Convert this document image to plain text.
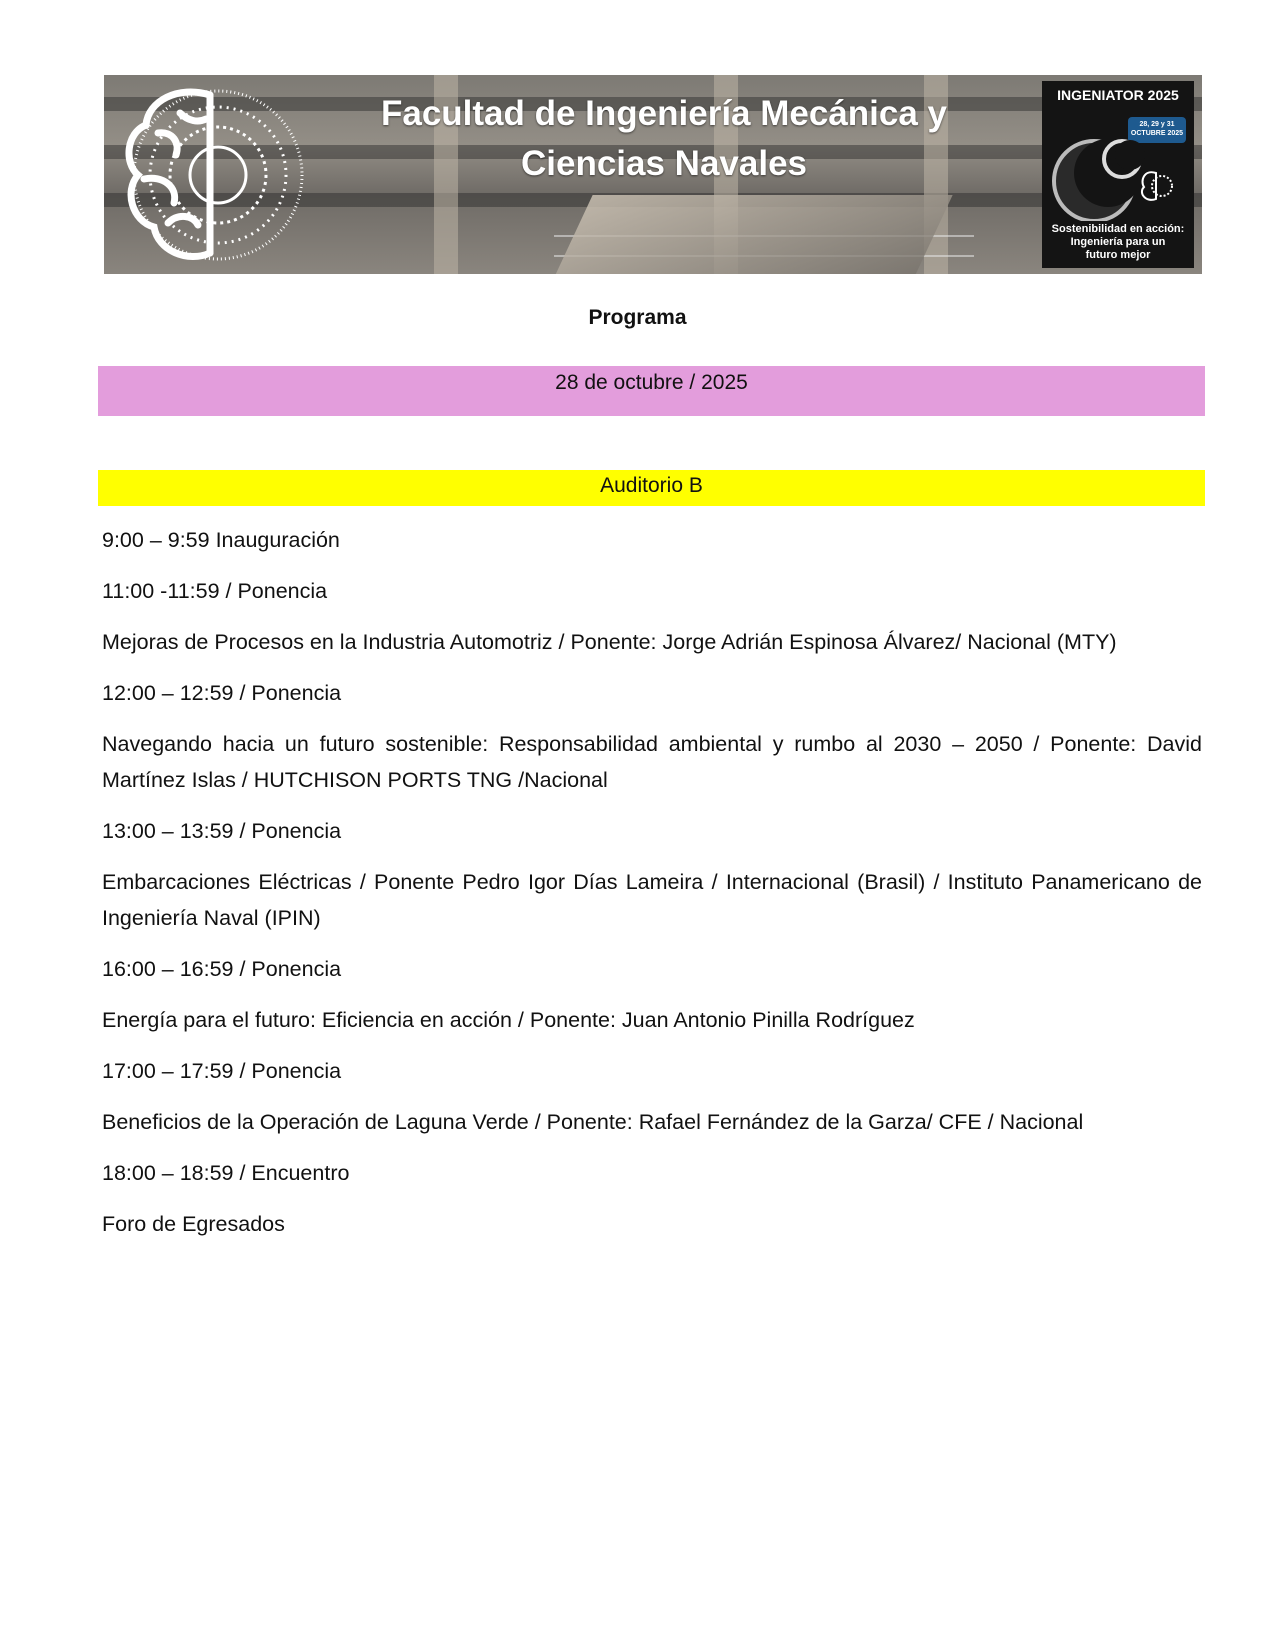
Facultad de Ingeniería Mecánica y
Ciencias Navales
INGENIATOR 2025
28, 29 y 31
OCTUBRE 2025
Sostenibilidad en acción:
Ingeniería para un
futuro mejor
Programa
28 de octubre / 2025
Auditorio B

9:00 – 9:59 Inauguración

11:00 -11:59 / Ponencia

Mejoras de Procesos en la Industria Automotriz / Ponente: Jorge Adrián Espinosa Álvarez/ Nacional (MTY)

12:00 – 12:59 / Ponencia

Navegando hacia un futuro sostenible: Responsabilidad ambiental y rumbo al 2030 – 2050 / Ponente: David Martínez Islas / HUTCHISON PORTS TNG /Nacional

13:00 – 13:59 / Ponencia

Embarcaciones Eléctricas / Ponente Pedro Igor Días Lameira / Internacional (Brasil) / Instituto Panamericano de Ingeniería Naval (IPIN)

16:00 – 16:59 / Ponencia

Energía para el futuro: Eficiencia en acción / Ponente: Juan Antonio Pinilla Rodríguez

17:00 – 17:59 / Ponencia

Beneficios de la Operación de Laguna Verde / Ponente: Rafael Fernández de la Garza/ CFE / Nacional

18:00 – 18:59 / Encuentro

Foro de Egresados
